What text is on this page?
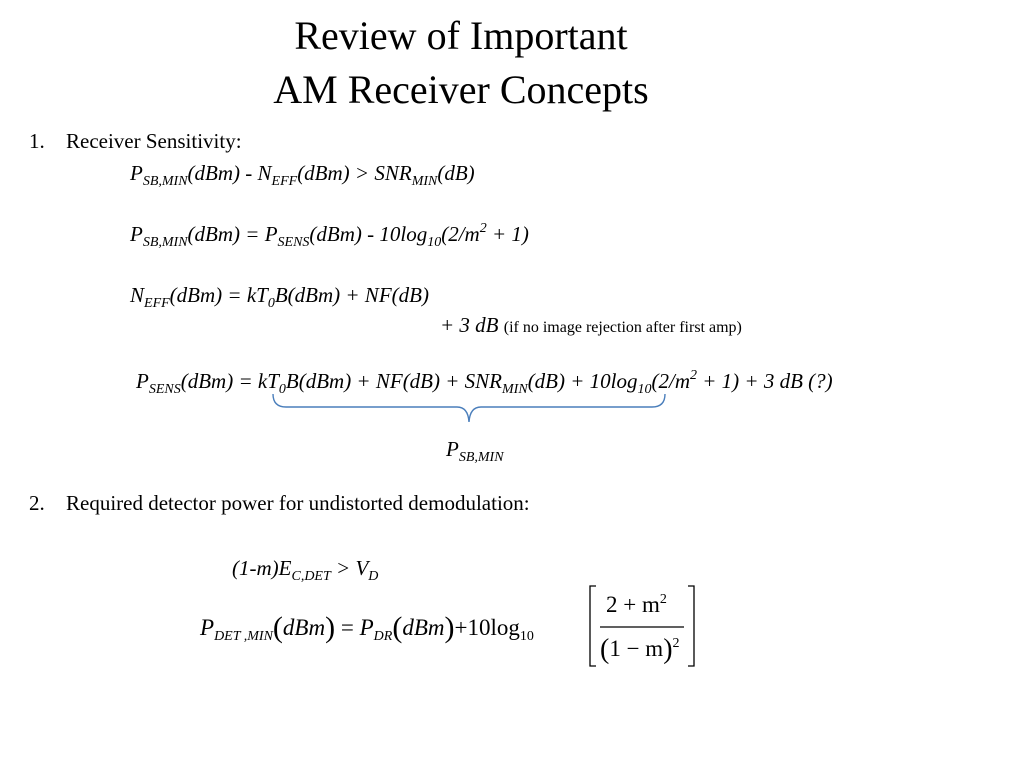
Review of Important
AM Receiver Concepts
1. Receiver Sensitivity:
$P_{SB,MIN}(dBm) - N_{EFF}(dBm) > SNR_{MIN}(dB)$
$P_{SB,MIN}(dBm) = P_{SENS}(dBm) - 10\log_{10}(2/m^2 + 1)$
$N_{EFF}(dBm) = kT_0B(dBm) + NF(dB)$
+ 3 dB (if no image rejection after first amp)
$P_{SENS}(dBm) = kT_0B(dBm) + NF(dB) + SNR_{MIN}(dB) + 10\log_{10}(2/m^2 + 1) + 3$ dB (?)
$P_{SB,MIN}$
2. Required detector power for undistorted demodulation:
$(1-m)E_{C,DET} > V_D$
$P_{DET ,MIN}(dBm) = P_{DR}(dBm)+10\log_{10}$
$2 + m^2$
$(1 - m)^2$
